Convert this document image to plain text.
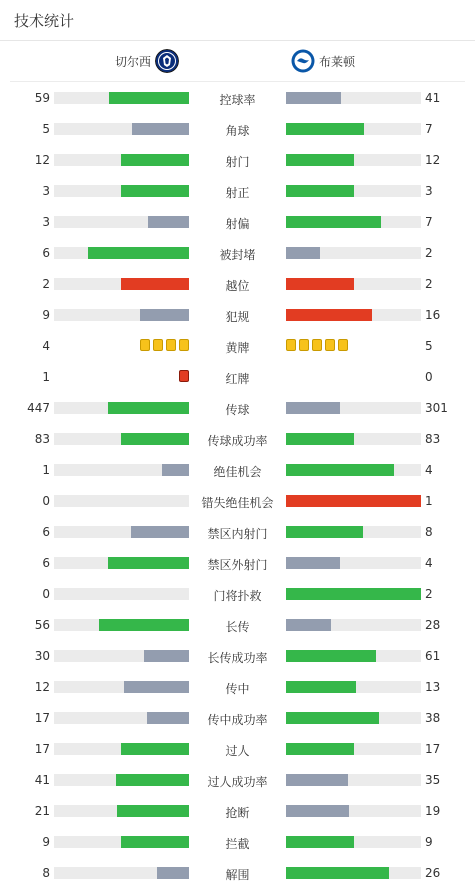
技术统计
切尔西	布莱顿
59	控球率	41
5	角球	7
12	射门	12
3	射正	3
3	射偏	7
6	被封堵	2
2	越位	2
9	犯规	16
4	黄牌	5
1	红牌	0
447	传球	301
83	传球成功率	83
1	绝佳机会	4
0	错失绝佳机会	1
6	禁区内射门	8
6	禁区外射门	4
0	门将扑救	2
56	长传	28
30	长传成功率	61
12	传中	13
17	传中成功率	38
17	过人	17
41	过人成功率	35
21	抢断	19
9	拦截	9
8	解围	26
